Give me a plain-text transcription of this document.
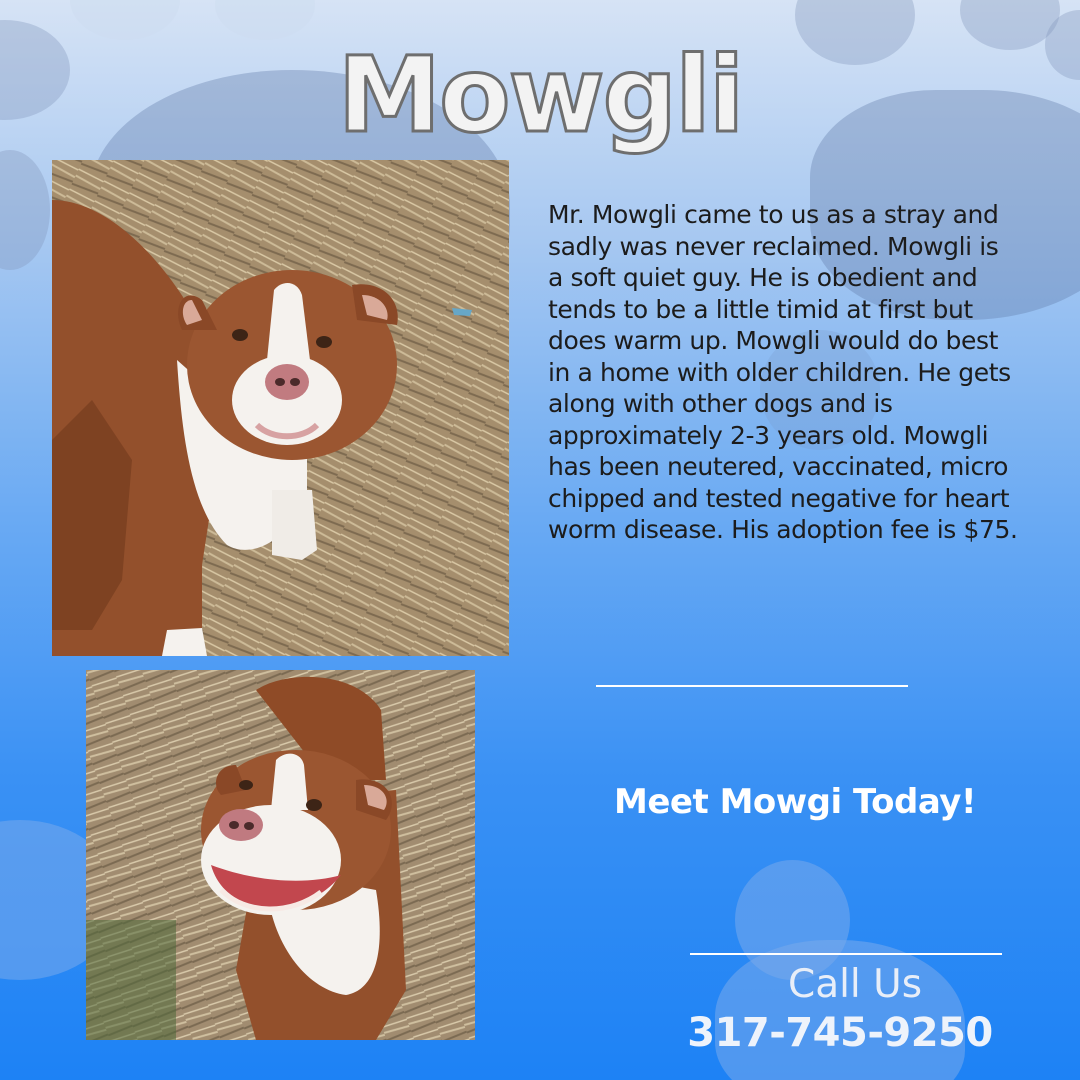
Mowgli
Mr. Mowgli came to us as a stray and sadly was never reclaimed. Mowgli is a soft quiet guy. He is obedient and tends to be a little timid at first but does warm up. Mowgli would do best in a home with older children. He gets along with other dogs and is approximately 2-3 years old. Mowgli has been neutered, vaccinated, micro chipped and tested negative for heart worm disease. His adoption fee is $75.
Meet Mowgi Today!
Call Us
317-745-9250
